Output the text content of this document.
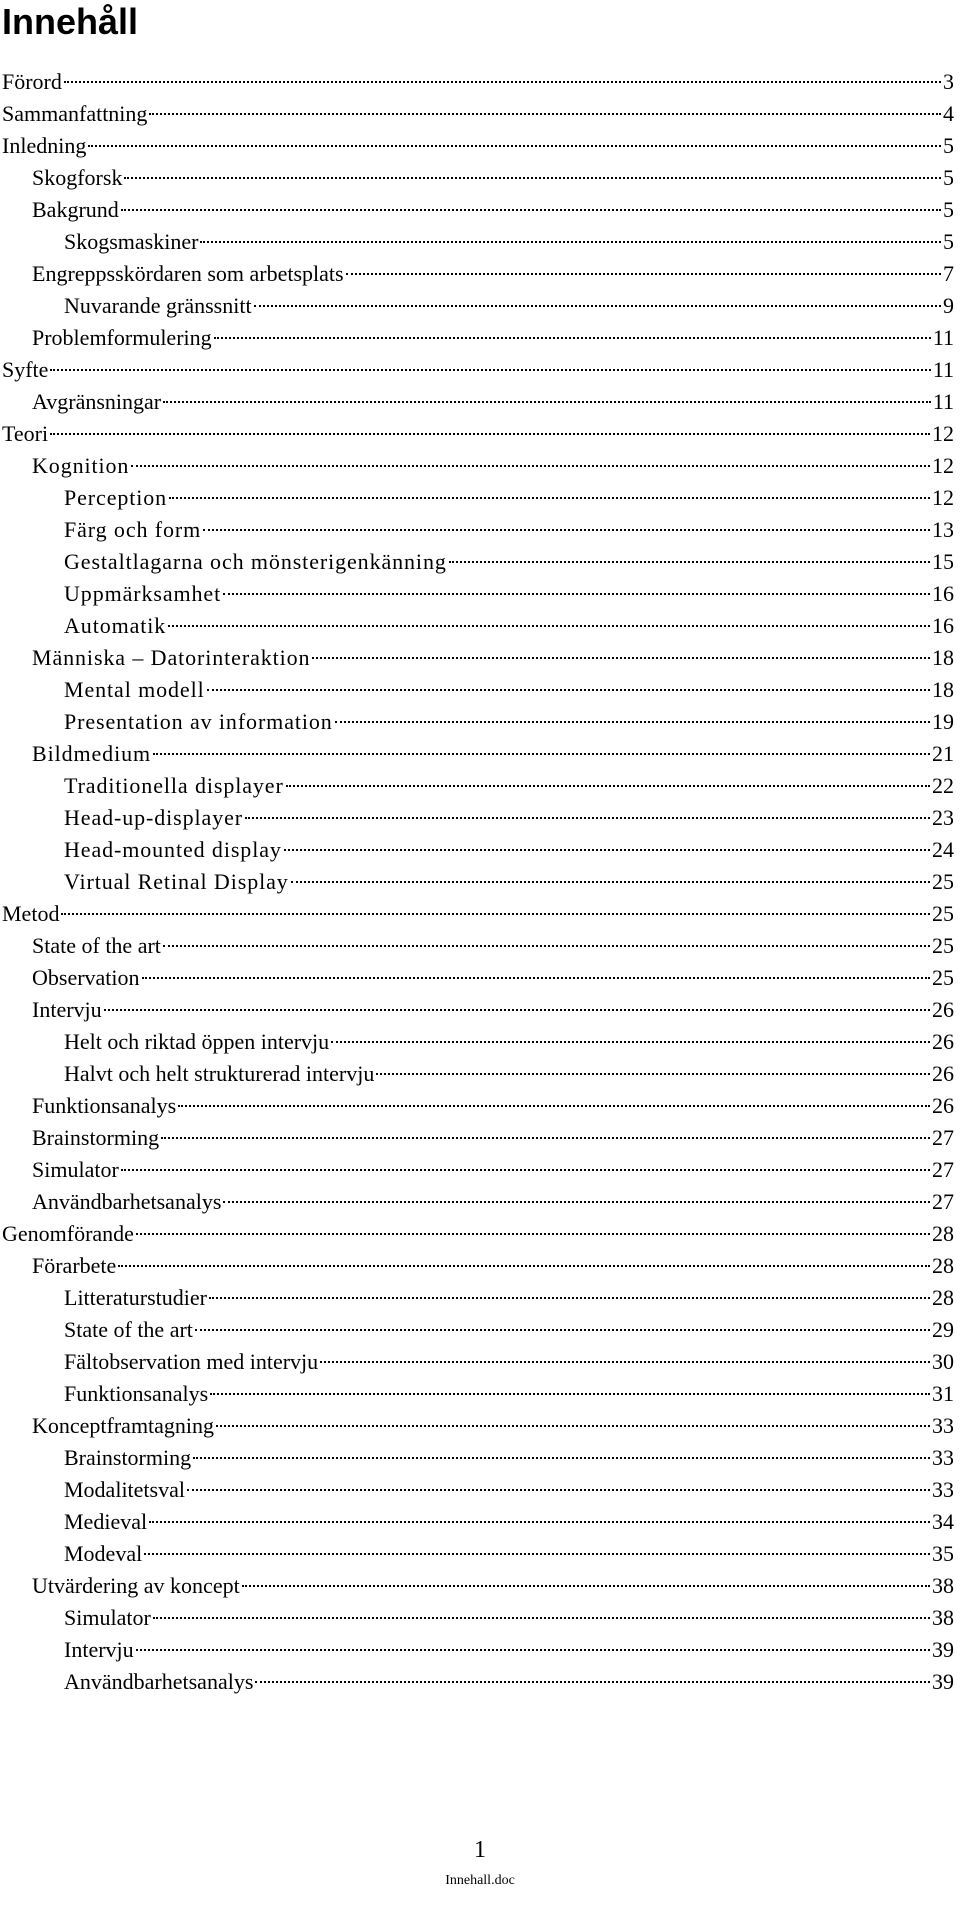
Innehåll
Förord	3
Sammanfattning	4
Inledning	5
Skogforsk	5
Bakgrund	5
Skogsmaskiner	5
Engreppsskördaren som arbetsplats	7
Nuvarande gränssnitt	9
Problemformulering	11
Syfte	11
Avgränsningar	11
Teori	12
Kognition	12
Perception	12
Färg och form	13
Gestaltlagarna och mönsterigenkänning	15
Uppmärksamhet	16
Automatik	16
Människa – Datorinteraktion	18
Mental modell	18
Presentation av information	19
Bildmedium	21
Traditionella displayer	22
Head-up-displayer	23
Head-mounted display	24
Virtual Retinal Display	25
Metod	25
State of the art	25
Observation	25
Intervju	26
Helt och riktad öppen intervju	26
Halvt och helt strukturerad intervju	26
Funktionsanalys	26
Brainstorming	27
Simulator	27
Användbarhetsanalys	27
Genomförande	28
Förarbete	28
Litteraturstudier	28
State of the art	29
Fältobservation med intervju	30
Funktionsanalys	31
Konceptframtagning	33
Brainstorming	33
Modalitetsval	33
Medieval	34
Modeval	35
Utvärdering av koncept	38
Simulator	38
Intervju	39
Användbarhetsanalys	39
1
Innehall.doc
